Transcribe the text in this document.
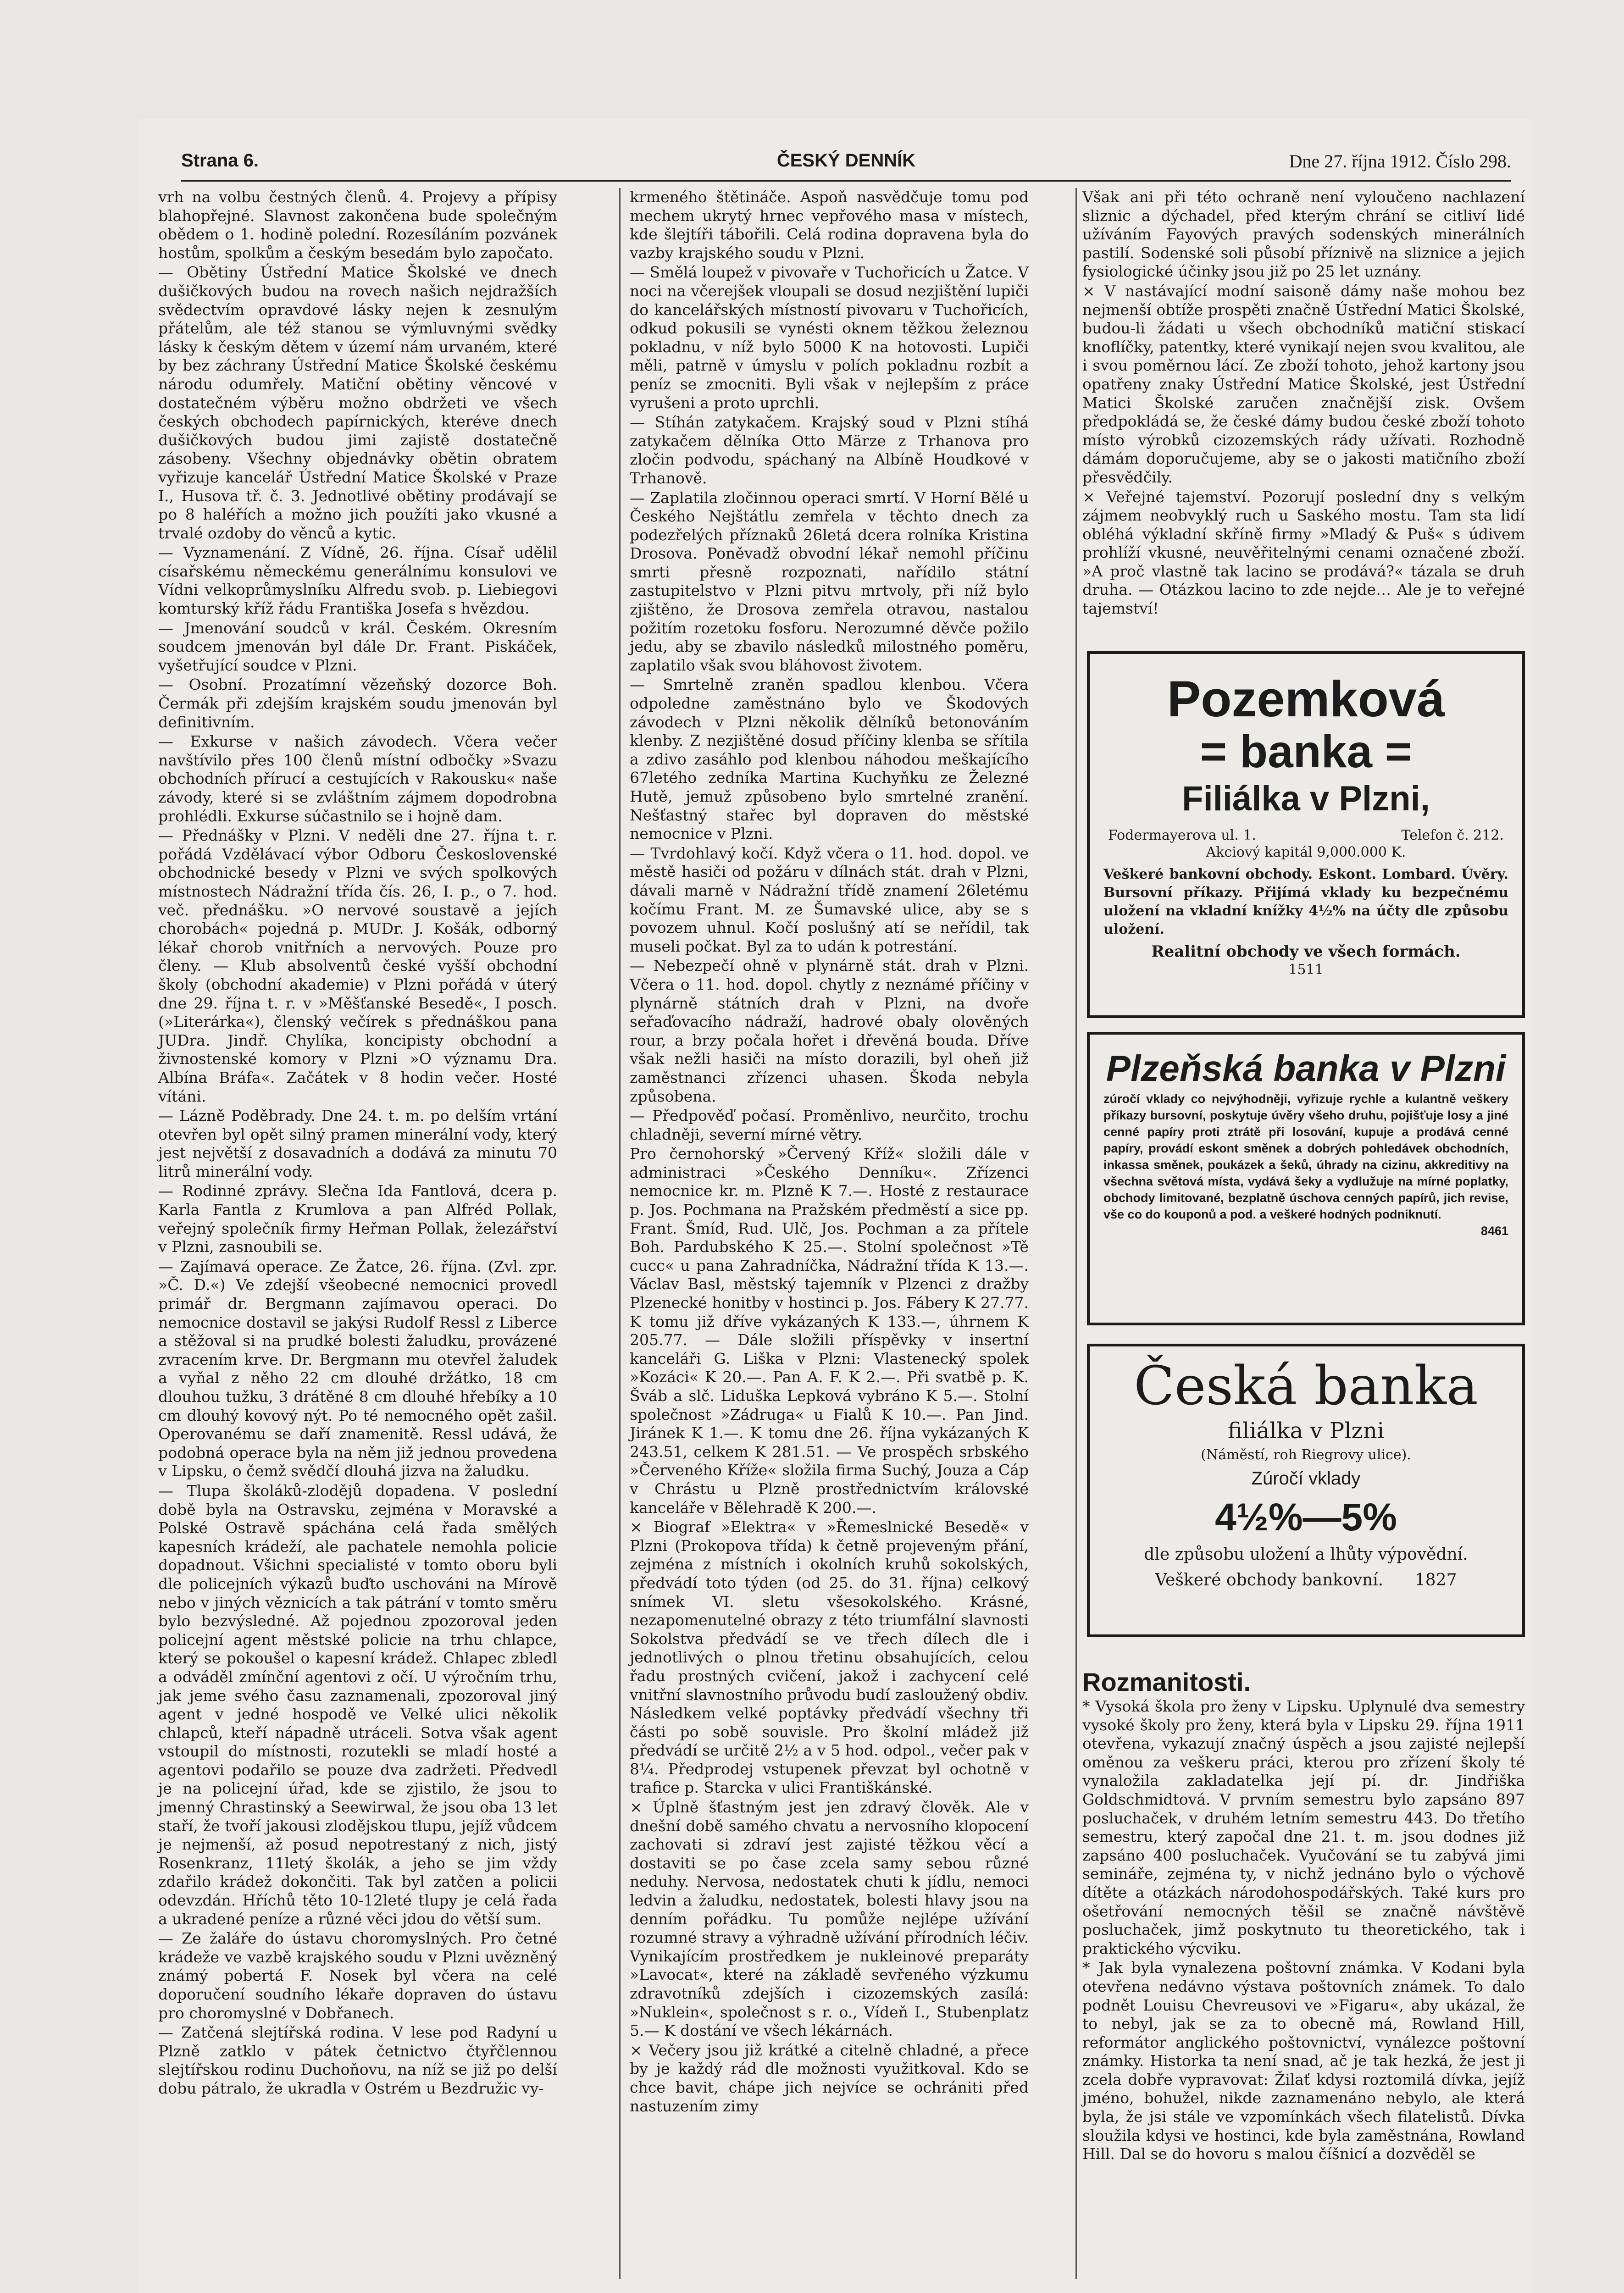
Strana 6.	ČESKÝ DENNÍK	Dne 27. října 1912. Číslo 298.

vrh na volbu čestných členů. 4. Projevy a přípisy blahopřejné. Slavnost zakončena bude společným obědem o 1. hodině polední. Rozesíláním pozvánek hostům, spolkům a českým besedám bylo započato.

— Obětiny Ústřední Matice Školské ve dnech dušičkových budou na rovech našich nejdražších svědectvím opravdové lásky nejen k zesnulým přátelům, ale též stanou se výmluvnými svědky lásky k českým dětem v území nám urvaném, které by bez záchrany Ústřední Matice Školské českému národu odumřely. Matiční obětiny věncové v dostatečném výběru možno obdržeti ve všech českých obchodech papírnických, kteréve dnech dušičkových budou jimi zajistě dostatečně zásobeny. Všechny objednávky obětin obratem vyřizuje kancelář Ústřední Matice Školské v Praze I., Husova tř. č. 3. Jednotlivé obětiny prodávají se po 8 haléřích a možno jich použíti jako vkusné a trvalé ozdoby do věnců a kytic.

— Vyznamenání. Z Vídně, 26. října. Císař udělil císařskému německému generálnímu konsulovi ve Vídni velkoprůmyslníku Alfredu svob. p. Liebiegovi komturský kříž řádu Františka Josefa s hvězdou.

— Jmenování soudců v král. Českém. Okresním soudcem jmenován byl dále Dr. Frant. Piskáček, vyšetřující soudce v Plzni.

— Osobní. Prozatímní vězeňský dozorce Boh. Čermák při zdejším krajském soudu jmenován byl definitivním.

— Exkurse v našich závodech. Včera večer navštívilo přes 100 členů místní odbočky »Svazu obchodních přírucí a cestujících v Rakousku« naše závody, které si se zvláštním zájmem dopodrobna prohlédli. Exkurse súčastnilo se i hojně dam.

— Přednášky v Plzni. V neděli dne 27. října t. r. pořádá Vzdělávací výbor Odboru Československé obchodnické besedy v Plzni ve svých spolkových místnostech Nádražní třída čís. 26, I. p., o 7. hod. več. přednášku. »O nervové soustavě a jejích chorobách« pojedná p. MUDr. J. Košák, odborný lékař chorob vnitřních a nervových. Pouze pro členy. — Klub absolventů české vyšší obchodní školy (obchodní akademie) v Plzni pořádá v úterý dne 29. října t. r. v »Měšťanské Besedě«, I posch. (»Literárka«), členský večírek s přednáškou pana JUDra. Jindř. Chylíka, koncipisty obchodní a živnostenské komory v Plzni »O významu Dra. Albína Bráfa«. Začátek v 8 hodin večer. Hosté vítáni.

— Lázně Poděbrady. Dne 24. t. m. po delším vrtání otevřen byl opět silný pramen minerální vody, který jest největší z dosavadních a dodává za minutu 70 litrů minerální vody.

— Rodinné zprávy. Slečna Ida Fantlová, dcera p. Karla Fantla z Krumlova a pan Alfréd Pollak, veřejný společník firmy Heřman Pollak, železářství v Plzni, zasnoubili se.

— Zajímavá operace. Ze Žatce, 26. října. (Zvl. zpr. »Č. D.«) Ve zdejší všeobecné nemocnici provedl primář dr. Bergmann zajímavou operaci. Do nemocnice dostavil se jakýsi Rudolf Ressl z Liberce a stěžoval si na prudké bolesti žaludku, provázené zvracením krve. Dr. Bergmann mu otevřel žaludek a vyňal z něho 22 cm dlouhé držátko, 18 cm dlouhou tužku, 3 drátěné 8 cm dlouhé hřebíky a 10 cm dlouhý kovový nýt. Po té nemocného opět zašil. Operovanému se daří znamenitě. Ressl udává, že podobná operace byla na něm již jednou provedena v Lipsku, o čemž svědčí dlouhá jizva na žaludku.

— Tlupa školáků-zlodějů dopadena. V poslední době byla na Ostravsku, zejména v Moravské a Polské Ostravě spáchána celá řada smělých kapesních krádeží, ale pachatele nemohla policie dopadnout. Všichni specialisté v tomto oboru byli dle policejních výkazů buďto uschováni na Mírově nebo v jiných věznicích a tak pátrání v tomto směru bylo bezvýsledné. Až pojednou zpozoroval jeden policejní agent městské policie na trhu chlapce, který se pokoušel o kapesní krádež. Chlapec zbledl a odváděl zmínční agentovi z očí. U výročním trhu, jak jeme svého času zaznamenali, zpozoroval jiný agent v jedné hospodě ve Velké ulici několik chlapců, kteří nápadně utráceli. Sotva však agent vstoupil do místnosti, rozutekli se mladí hosté a agentovi podařilo se pouze dva zadržeti. Předvedl je na policejní úřad, kde se zjistilo, že jsou to jmenný Chrastinský a Seewirwal, že jsou oba 13 let staří, že tvoří jakousi zlodějskou tlupu, jejíž vůdcem je nejmenší, až posud nepotrestaný z nich, jistý Rosenkranz, 11letý školák, a jeho se jim vždy zdařilo krádež dokončiti. Tak byl zatčen a policii odevzdán. Hříchů těto 10-12leté tlupy je celá řada a ukradené peníze a různé věci jdou do větší sum.

— Ze žaláře do ústavu choromyslných. Pro četné krádeže ve vazbě krajského soudu v Plzni uvězněný známý pobertá F. Nosek byl včera na celé doporučení soudního lékaře dopraven do ústavu pro choromyslné v Dobřanech.

— Zatčená slejtířská rodina. V lese pod Radyní u Plzně zatklo v pátek četnictvo čtyřčlennou slejtířskou rodinu Duchoňovu, na níž se již po delší dobu pátralo, že ukradla v Ostrém u Bezdružic vy-

krmeného štětináče. Aspoň nasvědčuje tomu pod mechem ukrytý hrnec vepřového masa v místech, kde šlejtíři tábořili. Celá rodina dopravena byla do vazby krajského soudu v Plzni.

— Smělá loupež v pivovaře v Tuchořicích u Žatce. V noci na včerejšek vloupali se dosud nezjištění lupiči do kancelářských místností pivovaru v Tuchořicích, odkud pokusili se vynésti oknem těžkou železnou pokladnu, v níž bylo 5000 K na hotovosti. Lupiči měli, patrně v úmyslu v polích pokladnu rozbít a peníz se zmocniti. Byli však v nejlepším z práce vyrušeni a proto uprchli.

— Stíhán zatykačem. Krajský soud v Plzni stíhá zatykačem dělníka Otto Märze z Trhanova pro zločin podvodu, spáchaný na Albíně Houdkové v Trhanově.

— Zaplatila zločinnou operaci smrtí. V Horní Bělé u Českého Nejštátlu zemřela v těchto dnech za podezřelých příznaků 26letá dcera rolníka Kristina Drosova. Poněvadž obvodní lékař nemohl příčinu smrti přesně rozpoznati, nařídilo státní zastupitelstvo v Plzni pitvu mrtvoly, při níž bylo zjištěno, že Drosova zemřela otravou, nastalou požitím rozetoku fosforu. Nerozumné děvče požilo jedu, aby se zbavilo následků milostného poměru, zaplatilo však svou bláhovost životem.

— Smrtelně zraněn spadlou klenbou. Včera odpoledne zaměstnáno bylo ve Škodových závodech v Plzni několik dělníků betonováním klenby. Z nezjištěné dosud příčiny klenba se sřítila a zdivo zasáhlo pod klenbou náhodou meškajícího 67letého zedníka Martina Kuchyňku ze Železné Hutě, jemuž způsobeno bylo smrtelné zranění. Nešťastný stařec byl dopraven do městské nemocnice v Plzni.

— Tvrdohlavý kočí. Když včera o 11. hod. dopol. ve městě hasiči od požáru v dílnách stát. drah v Plzni, dávali marně v Nádražní třídě znamení 26letému kočímu Frant. M. ze Šumavské ulice, aby se s povozem uhnul. Kočí poslušný atí se neřídil, tak museli počkat. Byl za to udán k potrestání.

— Nebezpečí ohně v plynárně stát. drah v Plzni. Včera o 11. hod. dopol. chytly z neznámé příčiny v plynárně státních drah v Plzni, na dvoře seřaďovacího nádraží, hadrové obaly olověných rour, a brzy počala hořet i dřevěná bouda. Dříve však nežli hasiči na místo dorazili, byl oheň již zaměstnanci zřízenci uhasen. Škoda nebyla způsobena.

— Předpověď počasí. Proměnlivo, neurčito, trochu chladněji, severní mírné větry.

Pro černohorský »Červený Kříž« složili dále v administraci »Českého Denníku«. Zřízenci nemocnice kr. m. Plzně K 7.—. Hosté z restaurace p. Jos. Pochmana na Pražském předměstí a sice pp. Frant. Šmíd, Rud. Ulč, Jos. Pochman a za přítele Boh. Pardubského K 25.—. Stolní společnost »Tě cucc« u pana Zahradníčka, Nádražní třída K 13.—. Václav Basl, městský tajemník v Plzenci z dražby Plzenecké honitby v hostinci p. Jos. Fábery K 27.77. K tomu již dříve vykázaných K 133.—, úhrnem K 205.77. — Dále složili příspěvky v insertní kanceláři G. Liška v Plzni: Vlastenecký spolek »Kozáci« K 20.—. Pan A. F. K 2.—. Při svatbě p. K. Šváb a slč. Liduška Lepková vybráno K 5.—. Stolní společnost »Zádruga« u Fialů K 10.—. Pan Jind. Jiránek K 1.—. K tomu dne 26. října vykázaných K 243.51, celkem K 281.51. — Ve prospěch srbského »Červeného Kříže« složila firma Suchý, Jouza a Cáp v Chrástu u Plzně prostřednictvím královské kanceláře v Bělehradě K 200.—.

× Biograf »Elektra« v »Řemeslnické Besedě« v Plzni (Prokopova třída) k četně projeveným přání, zejména z místních i okolních kruhů sokolských, předvádí toto týden (od 25. do 31. října) celkový snímek VI. sletu všesokolského. Krásné, nezapomenutelné obrazy z této triumfální slavnosti Sokolstva předvádí se ve třech dílech dle i jednotlivých o plnou třetinu obsahujících, celou řadu prostných cvičení, jakož i zachycení celé vnitřní slavnostního průvodu budí zasloužený obdiv. Následkem velké poptávky předvádí všechny tři části po sobě souvisle. Pro školní mládež již předvádí se určitě 2½ a v 5 hod. odpol., večer pak v 8¼. Předprodej vstupenek převzat byl ochotně v trafice p. Starcka v ulici Františkánské.

× Úplně šťastným jest jen zdravý člověk. Ale v dnešní době samého chvatu a nervosního klopocení zachovati si zdraví jest zajisté těžkou věcí a dostaviti se po čase zcela samy sebou různé neduhy. Nervosa, nedostatek chuti k jídlu, nemoci ledvin a žaludku, nedostatek, bolesti hlavy jsou na denním pořádku. Tu pomůže nejlépe užívání rozumné stravy a výhradně užívání přírodních léčiv. Vynikajícím prostředkem je nukleinové preparáty »Lavocat«, které na základě sevřeného výzkumu zdravotníků zdejších i cizozemských zasílá: »Nuklein«, společnost s r. o., Vídeň I., Stubenplatz 5.— K dostání ve všech lékárnách.

× Večery jsou již krátké a citelně chladné, a přece by je každý rád dle možnosti využitkoval. Kdo se chce bavit, chápe jich nejvíce se ochrániti před nastuzením zimy

Však ani při této ochraně není vyloučeno nachlazení sliznic a dýchadel, před kterým chrání se citliví lidé užíváním Fayových pravých sodenských minerálních pastilí. Sodenské soli působí příznivě na sliznice a jejich fysiologické účinky jsou již po 25 let uznány.

× V nastávající modní saisoně dámy naše mohou bez nejmenší obtíže prospěti značně Ústřední Matici Školské, budou-li žádati u všech obchodníků matiční stiskací knoflíčky, patentky, které vynikají nejen svou kvalitou, ale i svou poměrnou lácí. Ze zboží tohoto, jehož kartony jsou opatřeny znaky Ústřední Matice Školské, jest Ústřední Matici Školské zaručen značnější zisk. Ovšem předpokládá se, že české dámy budou české zboží tohoto místo výrobků cizozemských rády užívati. Rozhodně dámám doporučujeme, aby se o jakosti matičního zboží přesvědčily.

× Veřejné tajemství. Pozorují poslední dny s velkým zájmem neobvyklý ruch u Saského mostu. Tam sta lidí obléhá výkladní skříně firmy »Mladý & Puš« s údivem prohlíží vkusné, neuvěřitelnými cenami označené zboží. »A proč vlastně tak lacino se prodává?« tázala se druh druha. — Otázkou lacino to zde nejde… Ale je to veřejné tajemství!

Pozemková
= banka =
Filiálka v Plzni,
Fodermayerova ul. 1.	Telefon č. 212.
Akciový kapitál 9,000.000 K.
Veškeré bankovní obchody. Eskont. Lombard. Úvěry. Bursovní příkazy. Přijímá vklady ku bezpečnému uložení na vkladní knížky 4½% na účty dle způsobu uložení.
Realitní obchody ve všech formách.
1511
Plzeňská banka v Plzni
zúročí vklady co nejvýhodněji, vyřizuje rychle a kulantně veškery příkazy bursovní, poskytuje úvěry všeho druhu, pojišťuje losy a jiné cenné papíry proti ztrátě při losování, kupuje a prodává cenné papíry, provádí eskont směnek a dobrých pohledávek obchodních, inkassa směnek, poukázek a šeků, úhrady na cizinu, akkreditivy na všechna světová místa, vydává šeky a vydlužuje na mírné poplatky, obchody limitované, bezplatně úschova cenných papírů, jich revise, vše co do kouponů a pod. a veškeré hodných podniknutí.
8461
Česká banka
filiálka v Plzni
(Náměstí, roh Riegrovy ulice).
Zúročí vklady
4½%—5%
dle způsobu uložení a lhůty výpovědní.
Veškeré obchody bankovní. 1827
Rozmanitosti.

* Vysoká škola pro ženy v Lipsku. Uplynulé dva semestry vysoké školy pro ženy, která byla v Lipsku 29. října 1911 otevřena, vykazují značný úspěch a jsou zajisté nejlepší oměnou za veškeru práci, kterou pro zřízení školy té vynaložila zakladatelka její pí. dr. Jindřiška Goldschmidtová. V prvním semestru bylo zapsáno 897 posluchaček, v druhém letním semestru 443. Do třetího semestru, který započal dne 21. t. m. jsou dodnes již zapsáno 400 posluchaček. Vyučování se tu zabývá jimi semináře, zejména ty, v nichž jednáno bylo o výchově dítěte a otázkách národohospodářských. Také kurs pro ošetřování nemocných těšil se značně návštěvě posluchaček, jimž poskytnuto tu theoretického, tak i praktického výcviku.

* Jak byla vynalezena poštovní známka. V Kodani byla otevřena nedávno výstava poštovních známek. To dalo podnět Louisu Chevreusovi ve »Figaru«, aby ukázal, že to nebyl, jak se za to obecně má, Rowland Hill, reformátor anglického poštovnictví, vynálezce poštovní známky. Historka ta není snad, ač je tak hezká, že jest ji zcela dobře vypravovat: Žilať kdysi roztomilá dívka, jejíž jméno, bohužel, nikde zaznamenáno nebylo, ale která byla, že jsi stále ve vzpomínkách všech filatelistů. Dívka sloužila kdysi ve hostinci, kde byla zaměstnána, Rowland Hill. Dal se do hovoru s malou číšnicí a dozvěděl se
